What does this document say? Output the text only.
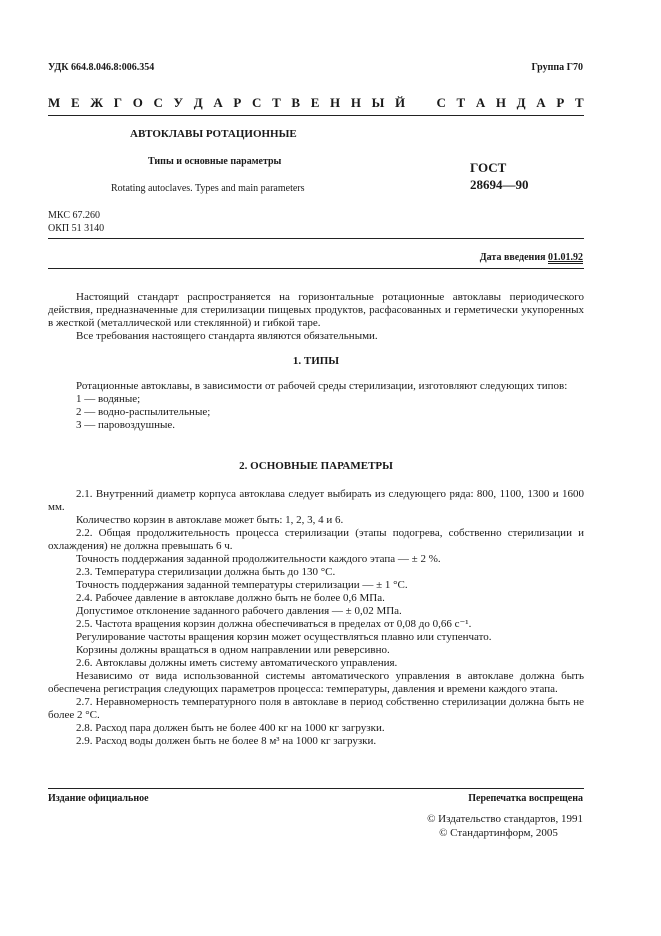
УДК 664.8.046.8:006.354	Группа Г70
М Е Ж Г О С У Д А Р С Т В Е Н Н Ы Й С Т А Н Д А Р Т
АВТОКЛАВЫ РОТАЦИОННЫЕ
Типы и основные параметры
Rotating autoclaves. Types and main parameters
ГОСТ
28694—90
МКС 67.260
ОКП 51 3140
Дата введения 01.01.92

Настоящий стандарт распространяется на горизонтальные ротационные автоклавы периодического действия, предназначенные для стерилизации пищевых продуктов, расфасованных и герметически укупоренных в жесткой (металлической или стеклянной) и гибкой таре.

Все требования настоящего стандарта являются обязательными.

1. ТИПЫ

Ротационные автоклавы, в зависимости от рабочей среды стерилизации, изготовляют следующих типов:

1 — водяные;

2 — водно-распылительные;

3 — паровоздушные.

2. ОСНОВНЫЕ ПАРАМЕТРЫ

2.1. Внутренний диаметр корпуса автоклава следует выбирать из следующего ряда: 800, 1100, 1300 и 1600 мм.

Количество корзин в автоклаве может быть: 1, 2, 3, 4 и 6.

2.2. Общая продолжительность процесса стерилизации (этапы подогрева, собственно стерилизации и охлаждения) не должна превышать 6 ч.

Точность поддержания заданной продолжительности каждого этапа — ± 2 %.

2.3. Температура стерилизации должна быть до 130 °С.

Точность поддержания заданной температуры стерилизации — ± 1 °С.

2.4. Рабочее давление в автоклаве должно быть не более 0,6 МПа.

Допустимое отклонение заданного рабочего давления — ± 0,02 МПа.

2.5. Частота вращения корзин должна обеспечиваться в пределах от 0,08 до 0,66 с⁻¹.

Регулирование частоты вращения корзин может осуществляться плавно или ступенчато.

Корзины должны вращаться в одном направлении или реверсивно.

2.6. Автоклавы должны иметь систему автоматического управления.

Независимо от вида использованной системы автоматического управления в автоклаве должна быть обеспечена регистрация следующих параметров процесса: температуры, давления и времени каждого этапа.

2.7. Неравномерность температурного поля в автоклаве в период собственно стерилизации должна быть не более 2 °С.

2.8. Расход пара должен быть не более 400 кг на 1000 кг загрузки.

2.9. Расход воды должен быть не более 8 м³ на 1000 кг загрузки.

Издание официальное	Перепечатка воспрещена
© Издательство стандартов, 1991
© Стандартинформ, 2005
